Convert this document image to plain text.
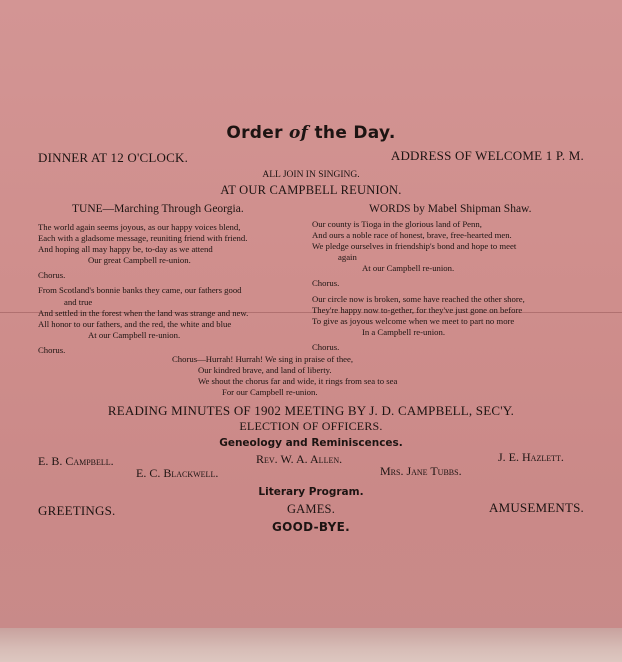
Order of the Day.
DINNER AT 12 O'CLOCK.	ADDRESS OF WELCOME 1 P. M.
ALL JOIN IN SINGING.
AT OUR CAMPBELL REUNION.
TUNE—Marching Through Georgia.	WORDS by Mabel Shipman Shaw.
The world again seems joyous, as our happy voices blend,
Each with a gladsome message, reuniting friend with friend.
And hoping all may happy be, to-day as we attend
Our great Campbell re-union.
Chorus.
From Scotland's bonnie banks they came, our fathers good
and true
And settled in the forest when the land was strange and new.
All honor to our fathers, and the red, the white and blue
At our Campbell re-union.
Chorus.
Our county is Tioga in the glorious land of Penn,
And ours a noble race of honest, brave, free-hearted men.
We pledge ourselves in friendship's bond and hope to meet
again
At our Campbell re-union.
Chorus.
Our circle now is broken, some have reached the other shore,
They're happy now to-gether, for they've just gone on before
To give as joyous welcome when we meet to part no more
In a Campbell re-union.
Chorus.
Chorus—Hurrah! Hurrah! We sing in praise of thee,
Our kindred brave, and land of liberty.
We shout the chorus far and wide, it rings from sea to sea
For our Campbell re-union.
READING MINUTES OF 1902 MEETING BY J. D. CAMPBELL, SEC'Y.
ELECTION OF OFFICERS.
Geneology and Reminiscences.
E. B. Campbell.	Rev. W. A. Allen.	J. E. Hazlett.
E. C. Blackwell.	Mrs. Jane Tubbs.
Literary Program.
GREETINGS.	GAMES.	AMUSEMENTS.
GOOD-BYE.
